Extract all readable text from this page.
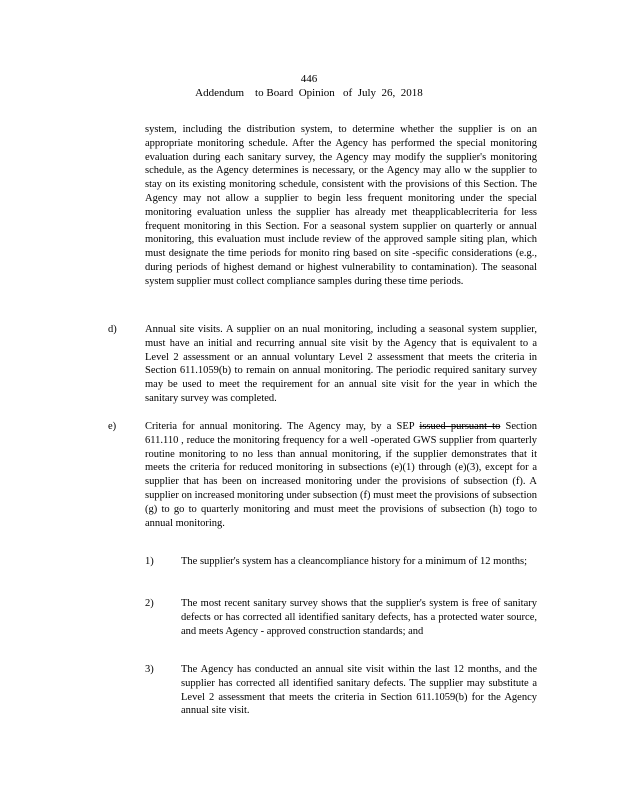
446
Addendum    to Board  Opinion   of  July  26,  2018
system, including the distribution system, to determine whether the supplier is on an appropriate monitoring schedule. After the Agency has performed the special monitoring evaluation during each sanitary survey, the Agency may modify the supplier's monitoring schedule, as the Agency determines is necessary, or the Agency may allo w the supplier to stay on its existing monitoring schedule, consistent with the provisions of this Section. The Agency may not allow a supplier to begin less frequent monitoring under the special monitoring evaluation unless the supplier has already met theapplicablecriteria for less frequent monitoring in this Section. For a seasonal system supplier on quarterly or annual monitoring, this evaluation must include review of the approved sample siting plan, which must designate the time periods for monito ring based on site -specific considerations (e.g., during periods of highest demand or highest vulnerability to contamination). The seasonal system supplier must collect compliance samples during these time periods.
d)	Annual site visits. A supplier on an nual monitoring, including a seasonal system supplier, must have an initial and recurring annual site visit by the Agency that is equivalent to a Level 2 assessment or an annual voluntary Level 2 assessment that meets the criteria in Section 611.1059(b) to remain on annual monitoring. The periodic required sanitary survey may be used to meet the requirement for an annual site visit for the year in which the sanitary survey was completed.
e)	Criteria for annual monitoring. The Agency may, by a SEP issued pursuant to Section 611.110 , reduce the monitoring frequency for a well -operated GWS supplier from quarterly routine monitoring to no less than annual monitoring, if the supplier demonstrates that it meets the criteria for reduced monitoring in subsections (e)(1) through (e)(3), except for a supplier that has been on increased monitoring under the provisions of subsection (f). A supplier on increased monitoring under subsection (f) must meet the provisions of subsection (g) to go to quarterly monitoring and must meet the provisions of subsection (h) togo to annual monitoring.
1)	The supplier's system has a cleancompliance history for a minimum of 12 months;
2)	The most recent sanitary survey shows that the supplier's system is free of sanitary defects or has corrected all identified sanitary defects, has a protected water source, and meets Agency - approved construction standards; and
3)	The Agency has conducted an annual site visit within the last 12 months, and the supplier has corrected all identified sanitary defects. The supplier may substitute a Level 2 assessment that meets the criteria in Section 611.1059(b) for the Agency annual site visit.
